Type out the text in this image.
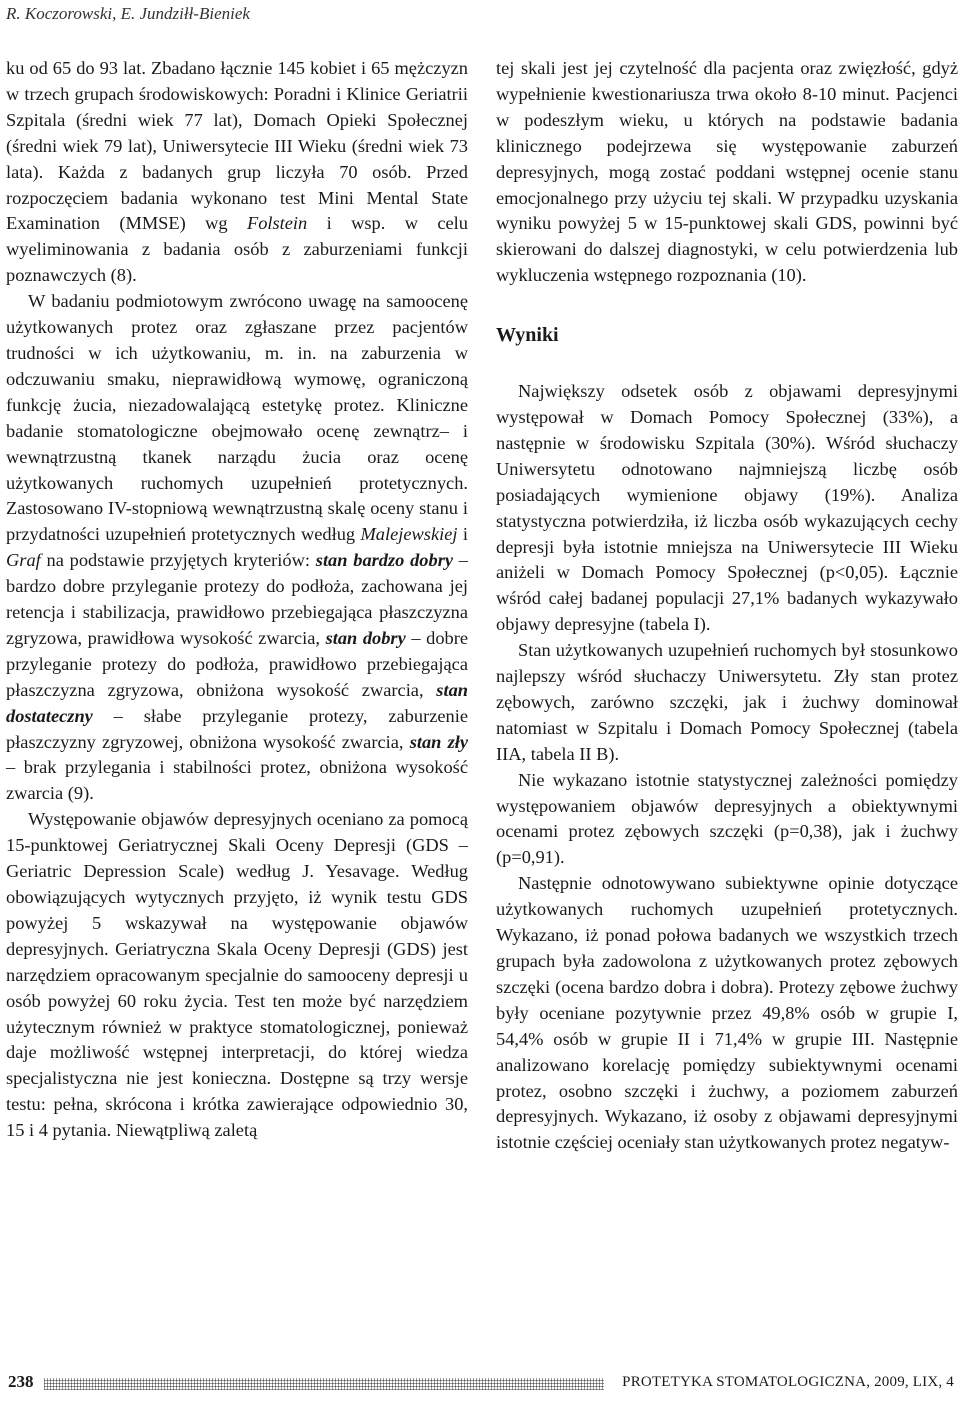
R. Koczorowski, E. Jundziłł-Bieniek

ku od 65 do 93 lat. Zbadano łącznie 145 kobiet i 65 mężczyzn w trzech grupach środowiskowych: Poradni i Klinice Geriatrii Szpitala (średni wiek 77 lat), Domach Opieki Społecznej (średni wiek 79 lat), Uniwersytecie III Wieku (średni wiek 73 lata). Każda z badanych grup liczyła 70 osób. Przed rozpoczęciem badania wykonano test Mini Mental State Examination (MMSE) wg Folstein i wsp. w celu wyeliminowania z badania osób z zaburzeniami funkcji poznawczych (8).

W badaniu podmiotowym zwrócono uwagę na samoocenę użytkowanych protez oraz zgłaszane przez pacjentów trudności w ich użytkowaniu, m. in. na zaburzenia w odczuwaniu smaku, nieprawidłową wymowę, ograniczoną funkcję żucia, niezadowalającą estetykę protez. Kliniczne badanie stomatologiczne obejmowało ocenę zewnątrz– i wewnątrzustną tkanek narządu żucia oraz ocenę użytkowanych ruchomych uzupełnień protetycznych. Zastosowano IV-stopniową wewnątrzustną skalę oceny stanu i przydatności uzupełnień protetycznych według Malejewskiej i Graf na podstawie przyjętych kryteriów: stan bardzo dobry – bardzo dobre przyleganie protezy do podłoża, zachowana jej retencja i stabilizacja, prawidłowo przebiegająca płaszczyzna zgryzowa, prawidłowa wysokość zwarcia, stan dobry – dobre przyleganie protezy do podłoża, prawidłowo przebiegająca płaszczyzna zgryzowa, obniżona wysokość zwarcia, stan dostateczny – słabe przyleganie protezy, zaburzenie płaszczyzny zgryzowej, obniżona wysokość zwarcia, stan zły – brak przylegania i stabilności protez, obniżona wysokość zwarcia (9).

Występowanie objawów depresyjnych oceniano za pomocą 15-punktowej Geriatrycznej Skali Oceny Depresji (GDS – Geriatric Depression Scale) według J. Yesavage. Według obowiązujących wytycznych przyjęto, iż wynik testu GDS powyżej 5 wskazywał na występowanie objawów depresyjnych. Geriatryczna Skala Oceny Depresji (GDS) jest narzędziem opracowanym specjalnie do samooceny depresji u osób powyżej 60 roku życia. Test ten może być narzędziem użytecznym również w praktyce stomatologicznej, ponieważ daje możliwość wstępnej interpretacji, do której wiedza specjalistyczna nie jest konieczna. Dostępne są trzy wersje testu: pełna, skrócona i krótka zawierające odpowiednio 30, 15 i 4 pytania. Niewątpliwą zaletą

tej skali jest jej czytelność dla pacjenta oraz zwięzłość, gdyż wypełnienie kwestionariusza trwa około 8-10 minut. Pacjenci w podeszłym wieku, u których na podstawie badania klinicznego podejrzewa się występowanie zaburzeń depresyjnych, mogą zostać poddani wstępnej ocenie stanu emocjonalnego przy użyciu tej skali. W przypadku uzyskania wyniku powyżej 5 w 15-punktowej skali GDS, powinni być skierowani do dalszej diagnostyki, w celu potwierdzenia lub wykluczenia wstępnego rozpoznania (10).

Wyniki

Największy odsetek osób z objawami depresyjnymi występował w Domach Pomocy Społecznej (33%), a następnie w środowisku Szpitala (30%). Wśród słuchaczy Uniwersytetu odnotowano najmniejszą liczbę osób posiadających wymienione objawy (19%). Analiza statystyczna potwierdziła, iż liczba osób wykazujących cechy depresji była istotnie mniejsza na Uniwersytecie III Wieku aniżeli w Domach Pomocy Społecznej (p<0,05). Łącznie wśród całej badanej populacji 27,1% badanych wykazywało objawy depresyjne (tabela I).

Stan użytkowanych uzupełnień ruchomych był stosunkowo najlepszy wśród słuchaczy Uniwersytetu. Zły stan protez zębowych, zarówno szczęki, jak i żuchwy dominował natomiast w Szpitalu i Domach Pomocy Społecznej (tabela IIA, tabela II B).

Nie wykazano istotnie statystycznej zależności pomiędzy występowaniem objawów depresyjnych a obiektywnymi ocenami protez zębowych szczęki (p=0,38), jak i żuchwy (p=0,91).

Następnie odnotowywano subiektywne opinie dotyczące użytkowanych ruchomych uzupełnień protetycznych. Wykazano, iż ponad połowa badanych we wszystkich trzech grupach była zadowolona z użytkowanych protez zębowych szczęki (ocena bardzo dobra i dobra). Protezy zębowe żuchwy były oceniane pozytywnie przez 49,8% osób w grupie I, 54,4% osób w grupie II i 71,4% w grupie III. Następnie analizowano korelację pomiędzy subiektywnymi ocenami protez, osobno szczęki i żuchwy, a poziomem zaburzeń depresyjnych. Wykazano, iż osoby z objawami depresyjnymi istotnie częściej oceniały stan użytkowanych protez negatyw-

238	PROTETYKA STOMATOLOGICZNA, 2009, LIX, 4
